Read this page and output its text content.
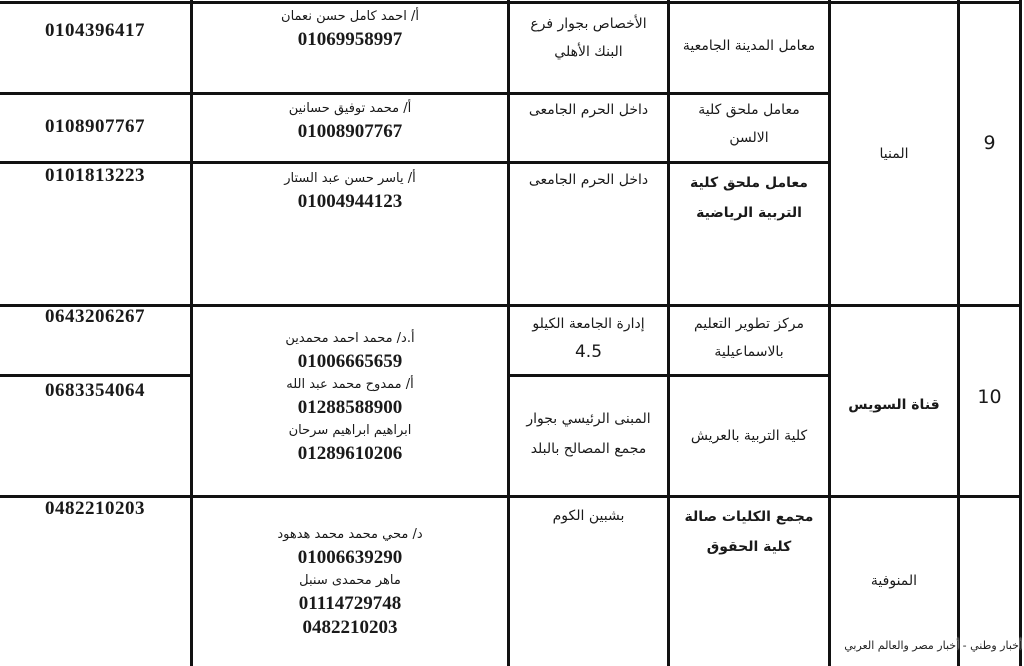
9
المنيا
معامل المدينة الجامعية
الأخصاص بجوار فرع
البنك الأهلي
أ/ احمد كامل حسن نعمان
01069958997
0104396417
معامل ملحق كلية
الالسن
داخل الحرم الجامعى
أ/ محمد توفيق حسانين
01008907767
0108907767
معامل ملحق كلية
التربية الرياضية
داخل الحرم الجامعى
أ/ ياسر حسن عبد الستار
01004944123
0101813223
10
قناة السويس
مركز تطوير التعليم
بالاسماعيلية
إدارة الجامعة الكيلو
4.5
0643206267
كلية التربية بالعريش
المبنى الرئيسي بجوار
مجمع المصالح بالبلد
0683354064
أ.د/ محمد احمد محمدين
01006665659
أ/ ممدوح محمد عبد الله
01288588900
ابراهيم ابراهيم سرحان
01289610206
المنوفية
مجمع الكليات صالة
كلية الحقوق
بشبين الكوم
د/ محي محمد محمد هدهود
01006639290
ماهر محمدى سنبل
01114729748
0482210203
0482210203
أخبار وطني - أخبار مصر والعالم العربي
